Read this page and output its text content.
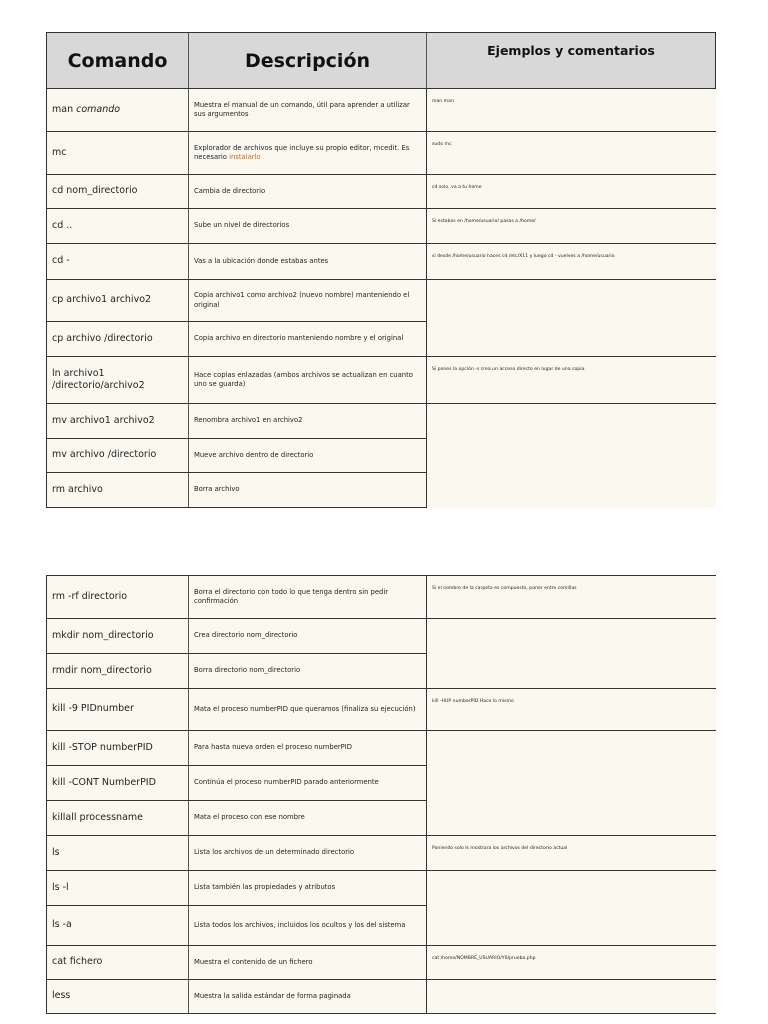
Comando	Descripción	Ejemplos y comentarios
man comando	Muestra el manual de un comando, útil para aprender a utilizar sus argumentos	man man
mc	Explorador de archivos que incluye su propio editor, mcedit. Es necesario instalarlo	sudo mc
cd nom_directorio	Cambia de directorio	cd solo, va a tu home
cd ..	Sube un nivel de directorios	Si estabas en /home/usuario/ pasas a /home/
cd -	Vas a la ubicación donde estabas antes	si desde /home/usuario haces cd /etc/X11 y luego cd - vuelves a /home/usuario
cp archivo1 archivo2	Copia archivo1 como archivo2 (nuevo nombre) manteniendo el original	
cp archivo /directorio	Copia archivo en directorio manteniendo nombre y el original	
ln archivo1 /directorio/archivo2	Hace copias enlazadas (ambos archivos se actualizan en cuanto uno se guarda)	Si pones la opción -s crea un acceso directo en lugar de una copia.
mv archivo1 archivo2	Renombra archivo1 en archivo2	
mv archivo /directorio	Mueve archivo dentro de directorio	
rm archivo	Borra archivo	
rm -rf directorio	Borra el directorio con todo lo que tenga dentro sin pedir confirmación	Si el nombre de la carpeta es compuesto, poner entre comillas
mkdir nom_directorio	Crea directorio nom_directorio	
rmdir nom_directorio	Borra directorio nom_directorio	
kill -9 PIDnumber	Mata el proceso numberPID que queramos (finaliza su ejecución)	kill -HUP numberPID Hace lo mismo
kill -STOP numberPID	Para hasta nueva orden el proceso numberPID	
kill -CONT NumberPID	Continúa el proceso numberPID parado anteriormente	
killall processname	Mata el proceso con ese nombre	
ls	Lista los archivos de un determinado directorio	Poniendo solo ls mostrara los archivos del directorio actual
ls -l	Lista también las propiedades y atributos	
ls -a	Lista todos los archivos, incluidos los ocultos y los del sistema	
cat fichero	Muestra el contenido de un fichero	cat /home/NOMBRE_USUARIO/Y0/prueba.php
less	Muestra la salida estándar de forma paginada	
